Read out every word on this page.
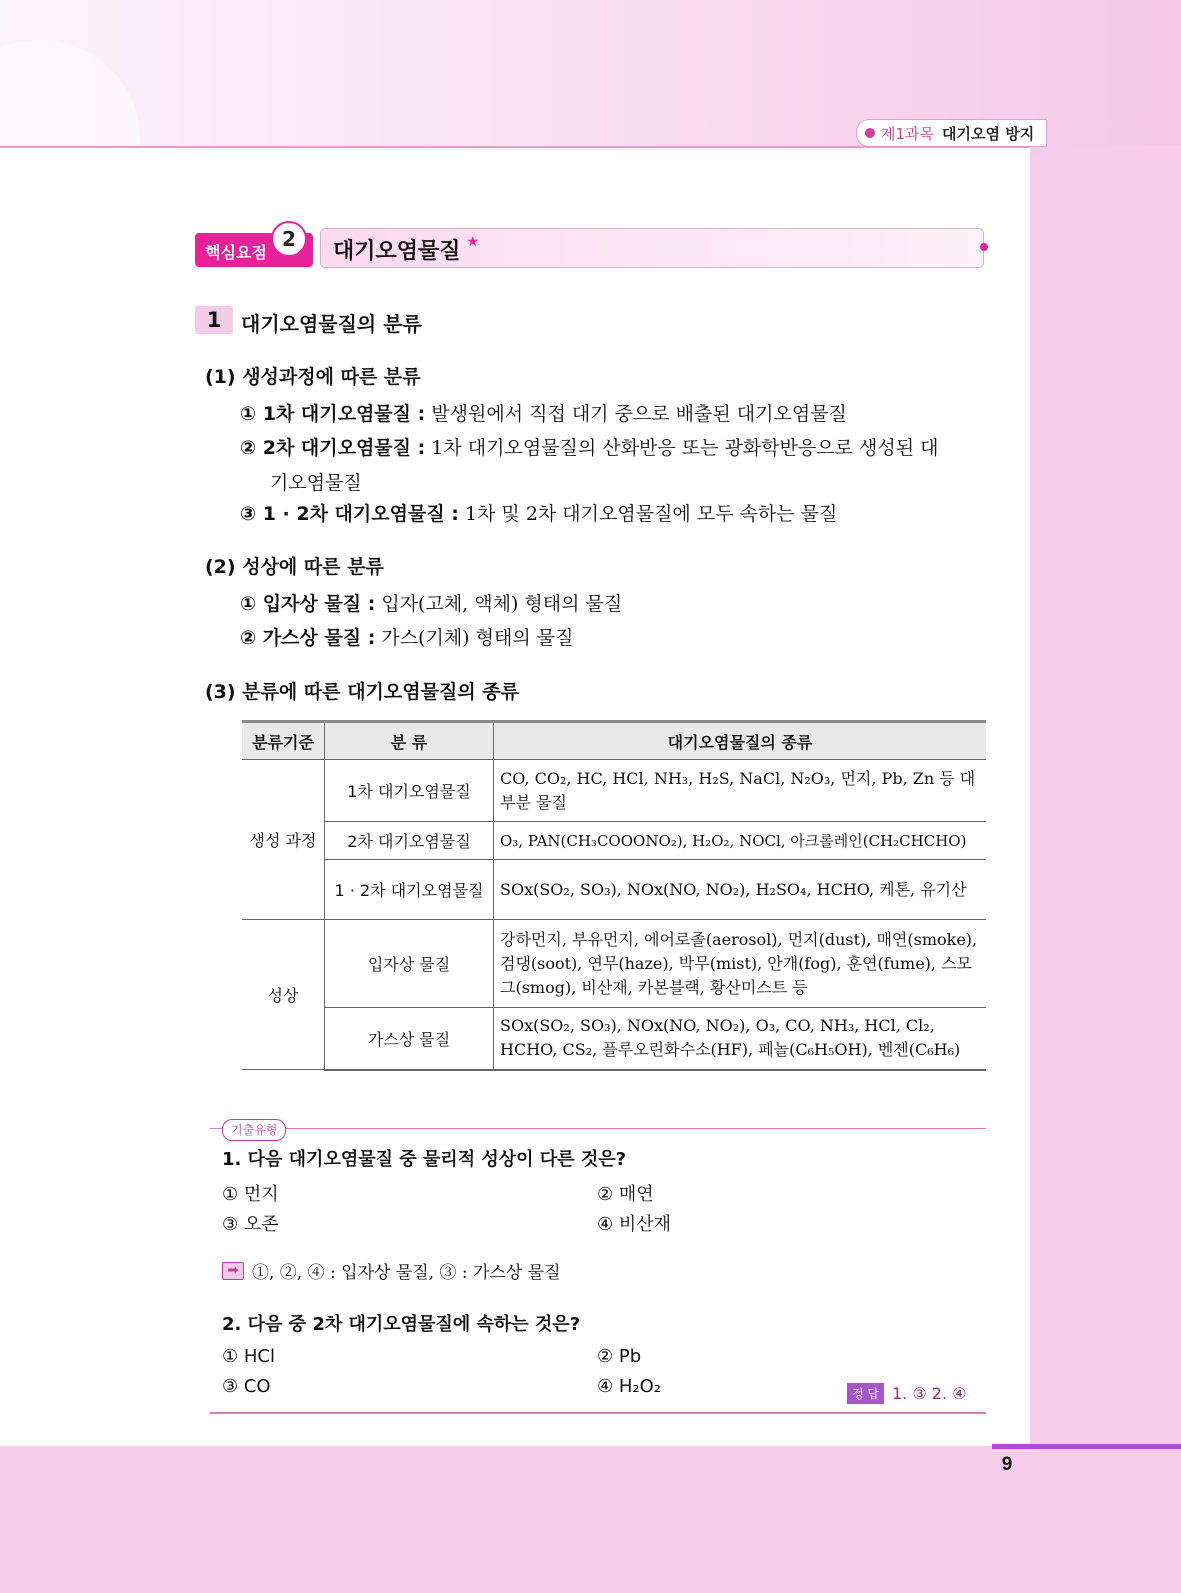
제1과목 대기오염 방지
핵심요점
2	대기오염물질 ★
1 대기오염물질의 분류
(1) 생성과정에 따른 분류
① 1차 대기오염물질 : 발생원에서 직접 대기 중으로 배출된 대기오염물질
② 2차 대기오염물질 : 1차 대기오염물질의 산화반응 또는 광화학반응으로 생성된 대
기오염물질
③ 1 · 2차 대기오염물질 : 1차 및 2차 대기오염물질에 모두 속하는 물질
(2) 성상에 따른 분류
① 입자상 물질 : 입자(고체, 액체) 형태의 물질
② 가스상 물질 : 가스(기체) 형태의 물질
(3) 분류에 따른 대기오염물질의 종류
분류기준	분 류	대기오염물질의 종류
생성 과정	1차 대기오염물질	CO, CO₂, HC, HCl, NH₃, H₂S, NaCl, N₂O₃, 먼지, Pb, Zn 등 대부분 물질
	2차 대기오염물질	O₃, PAN(CH₃COOONO₂), H₂O₂, NOCl, 아크롤레인(CH₂CHCHO)
	1 · 2차 대기오염물질	SOx(SO₂, SO₃), NOx(NO, NO₂), H₂SO₄, HCHO, 케톤, 유기산
성상	입자상 물질	강하먼지, 부유먼지, 에어로졸(aerosol), 먼지(dust), 매연(smoke), 검댕(soot), 연무(haze), 박무(mist), 안개(fog), 훈연(fume), 스모그(smog), 비산재, 카본블랙, 황산미스트 등
	가스상 물질	SOx(SO₂, SO₃), NOx(NO, NO₂), O₃, CO, NH₃, HCl, Cl₂, HCHO, CS₂, 플루오린화수소(HF), 페놀(C₆H₅OH), 벤젠(C₆H₆)
기출유형
1. 다음 대기오염물질 중 물리적 성상이 다른 것은?
① 먼지	② 매연
③ 오존	④ 비산재
➡ ①, ②, ④ : 입자상 물질, ③ : 가스상 물질
2. 다음 중 2차 대기오염물질에 속하는 것은?
① HCl	② Pb
③ CO	④ H₂O₂	정 답 1. ③ 2. ④
9
